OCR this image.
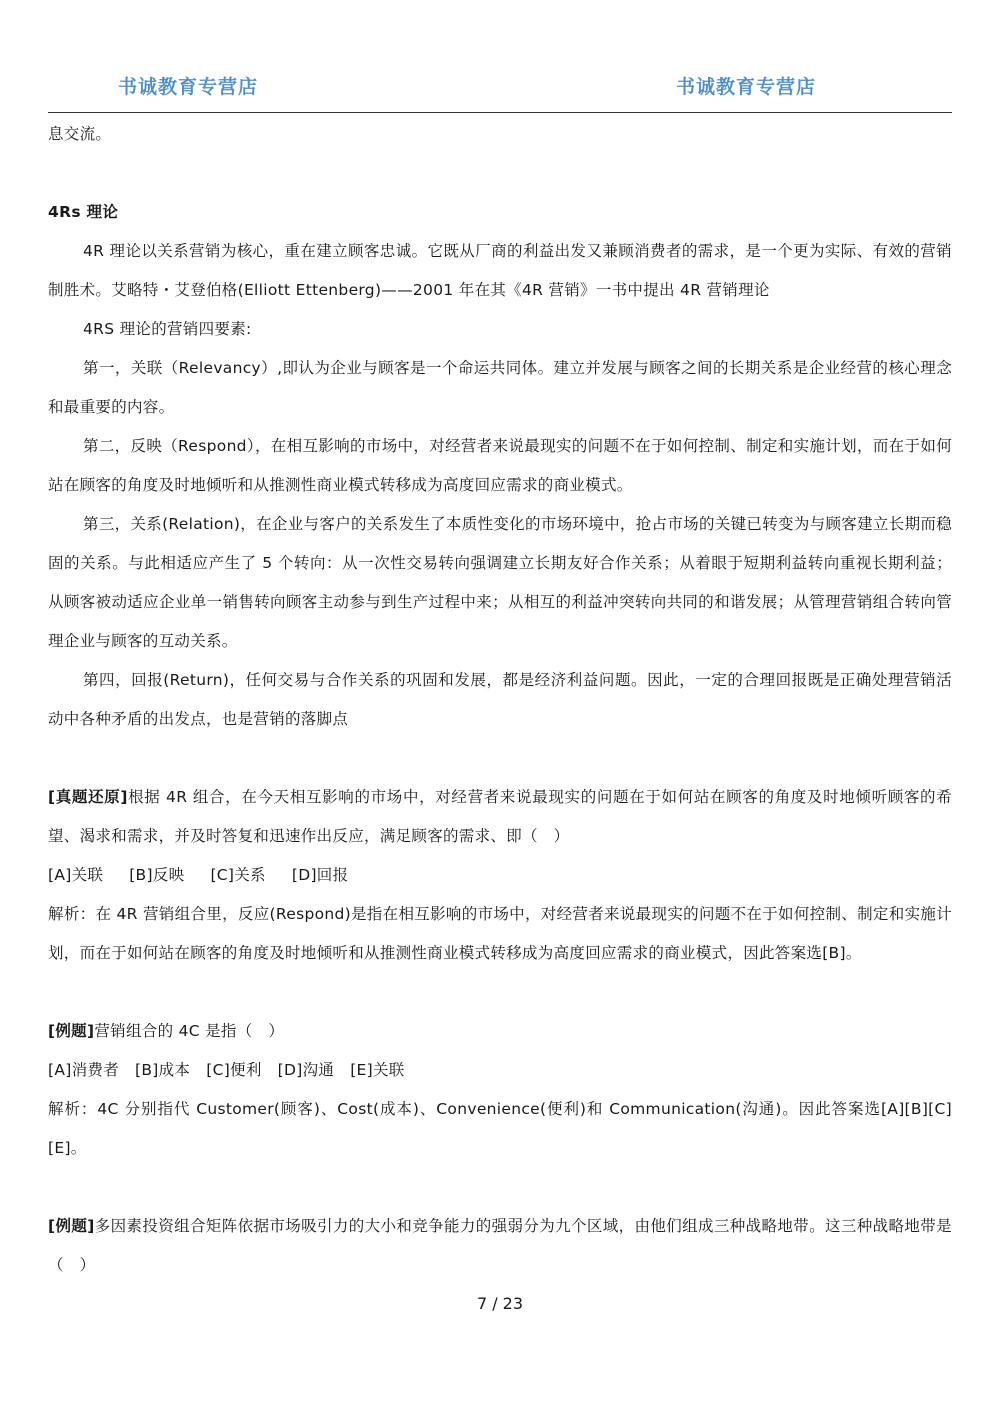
书诚教育专营店	书诚教育专营店

息交流。

4Rs 理论

4R 理论以关系营销为核心，重在建立顾客忠诚。它既从厂商的利益出发又兼顾消费者的需求，是一个更为实际、有效的营销制胜术。艾略特・艾登伯格(Elliott Ettenberg)——2001 年在其《4R 营销》一书中提出 4R 营销理论

4RS 理论的营销四要素:

第一，关联（Relevancy）,即认为企业与顾客是一个命运共同体。建立并发展与顾客之间的长期关系是企业经营的核心理念和最重要的内容。

第二，反映（Respond），在相互影响的市场中，对经营者来说最现实的问题不在于如何控制、制定和实施计划，而在于如何站在顾客的角度及时地倾听和从推测性商业模式转移成为高度回应需求的商业模式。

第三，关系(Relation)，在企业与客户的关系发生了本质性变化的市场环境中，抢占市场的关键已转变为与顾客建立长期而稳固的关系。与此相适应产生了 5 个转向：从一次性交易转向强调建立长期友好合作关系；从着眼于短期利益转向重视长期利益；从顾客被动适应企业单一销售转向顾客主动参与到生产过程中来；从相互的利益冲突转向共同的和谐发展；从管理营销组合转向管理企业与顾客的互动关系。

第四，回报(Return)，任何交易与合作关系的巩固和发展，都是经济利益问题。因此，一定的合理回报既是正确处理营销活动中各种矛盾的出发点，也是营销的落脚点

[真题还原]根据 4R 组合，在今天相互影响的市场中，对经营者来说最现实的问题在于如何站在顾客的角度及时地倾听顾客的希望、渴求和需求，并及时答复和迅速作出反应，满足顾客的需求、即（　）

[A]关联 [B]反映 [C]关系 [D]回报

解析：在 4R 营销组合里，反应(Respond)是指在相互影响的市场中，对经营者来说最现实的问题不在于如何控制、制定和实施计划，而在于如何站在顾客的角度及时地倾听和从推测性商业模式转移成为高度回应需求的商业模式，因此答案选[B]。

[例题]营销组合的 4C 是指（　）

[A]消费者 [B]成本 [C]便利 [D]沟通 [E]关联

解析：4C 分别指代 Customer(顾客)、Cost(成本)、Convenience(便利)和 Communication(沟通)。因此答案选[A][B][C][E]。

[例题]多因素投资组合矩阵依据市场吸引力的大小和竞争能力的强弱分为九个区域，由他们组成三种战略地带。这三种战略地带是（　）

7 / 23
